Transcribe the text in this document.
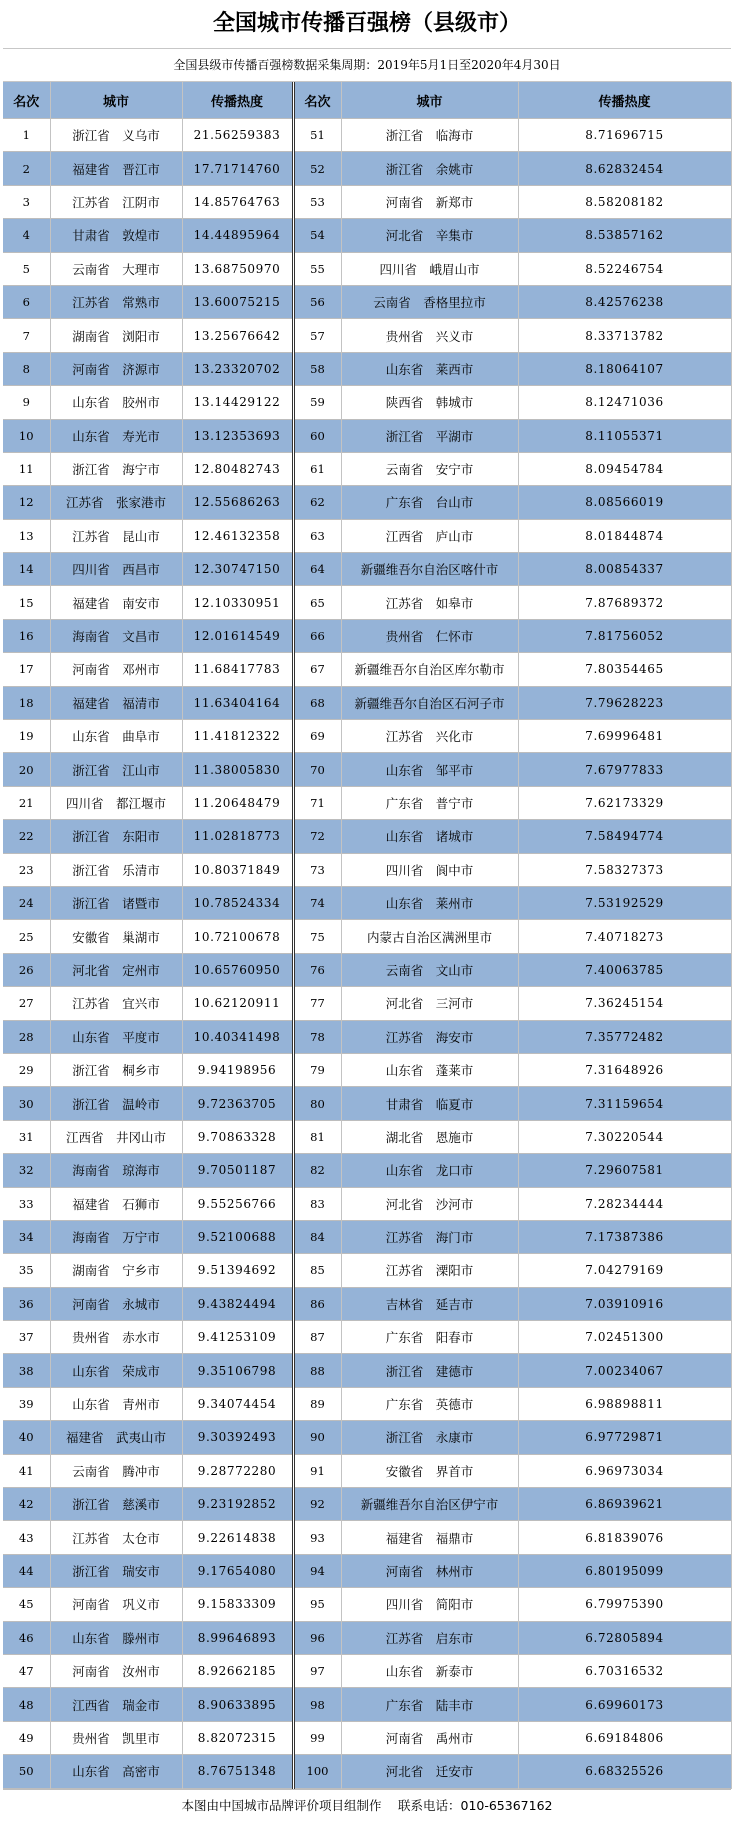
全国城市传播百强榜（县级市）
全国县级市传播百强榜数据采集周期：2019年5月1日至2020年4月30日
名次	城市	传播热度	名次	城市	传播热度
1	浙江省　义乌市	21.56259383	51	浙江省　临海市	8.71696715
2	福建省　晋江市	17.71714760	52	浙江省　余姚市	8.62832454
3	江苏省　江阴市	14.85764763	53	河南省　新郑市	8.58208182
4	甘肃省　敦煌市	14.44895964	54	河北省　辛集市	8.53857162
5	云南省　大理市	13.68750970	55	四川省　峨眉山市	8.52246754
6	江苏省　常熟市	13.60075215	56	云南省　香格里拉市	8.42576238
7	湖南省　浏阳市	13.25676642	57	贵州省　兴义市	8.33713782
8	河南省　济源市	13.23320702	58	山东省　莱西市	8.18064107
9	山东省　胶州市	13.14429122	59	陕西省　韩城市	8.12471036
10	山东省　寿光市	13.12353693	60	浙江省　平湖市	8.11055371
11	浙江省　海宁市	12.80482743	61	云南省　安宁市	8.09454784
12	江苏省　张家港市	12.55686263	62	广东省　台山市	8.08566019
13	江苏省　昆山市	12.46132358	63	江西省　庐山市	8.01844874
14	四川省　西昌市	12.30747150	64	新疆维吾尔自治区喀什市	8.00854337
15	福建省　南安市	12.10330951	65	江苏省　如皋市	7.87689372
16	海南省　文昌市	12.01614549	66	贵州省　仁怀市	7.81756052
17	河南省　邓州市	11.68417783	67	新疆维吾尔自治区库尔勒市	7.80354465
18	福建省　福清市	11.63404164	68	新疆维吾尔自治区石河子市	7.79628223
19	山东省　曲阜市	11.41812322	69	江苏省　兴化市	7.69996481
20	浙江省　江山市	11.38005830	70	山东省　邹平市	7.67977833
21	四川省　都江堰市	11.20648479	71	广东省　普宁市	7.62173329
22	浙江省　东阳市	11.02818773	72	山东省　诸城市	7.58494774
23	浙江省　乐清市	10.80371849	73	四川省　阆中市	7.58327373
24	浙江省　诸暨市	10.78524334	74	山东省　莱州市	7.53192529
25	安徽省　巢湖市	10.72100678	75	内蒙古自治区满洲里市	7.40718273
26	河北省　定州市	10.65760950	76	云南省　文山市	7.40063785
27	江苏省　宜兴市	10.62120911	77	河北省　三河市	7.36245154
28	山东省　平度市	10.40341498	78	江苏省　海安市	7.35772482
29	浙江省　桐乡市	9.94198956	79	山东省　蓬莱市	7.31648926
30	浙江省　温岭市	9.72363705	80	甘肃省　临夏市	7.31159654
31	江西省　井冈山市	9.70863328	81	湖北省　恩施市	7.30220544
32	海南省　琼海市	9.70501187	82	山东省　龙口市	7.29607581
33	福建省　石狮市	9.55256766	83	河北省　沙河市	7.28234444
34	海南省　万宁市	9.52100688	84	江苏省　海门市	7.17387386
35	湖南省　宁乡市	9.51394692	85	江苏省　溧阳市	7.04279169
36	河南省　永城市	9.43824494	86	吉林省　延吉市	7.03910916
37	贵州省　赤水市	9.41253109	87	广东省　阳春市	7.02451300
38	山东省　荣成市	9.35106798	88	浙江省　建德市	7.00234067
39	山东省　青州市	9.34074454	89	广东省　英德市	6.98898811
40	福建省　武夷山市	9.30392493	90	浙江省　永康市	6.97729871
41	云南省　腾冲市	9.28772280	91	安徽省　界首市	6.96973034
42	浙江省　慈溪市	9.23192852	92	新疆维吾尔自治区伊宁市	6.86939621
43	江苏省　太仓市	9.22614838	93	福建省　福鼎市	6.81839076
44	浙江省　瑞安市	9.17654080	94	河南省　林州市	6.80195099
45	河南省　巩义市	9.15833309	95	四川省　简阳市	6.79975390
46	山东省　滕州市	8.99646893	96	江苏省　启东市	6.72805894
47	河南省　汝州市	8.92662185	97	山东省　新泰市	6.70316532
48	江西省　瑞金市	8.90633895	98	广东省　陆丰市	6.69960173
49	贵州省　凯里市	8.82072315	99	河南省　禹州市	6.69184806
50	山东省　高密市	8.76751348	100	河北省　迁安市	6.68325526
本图由中国城市品牌评价项目组制作　 联系电话：010-65367162
